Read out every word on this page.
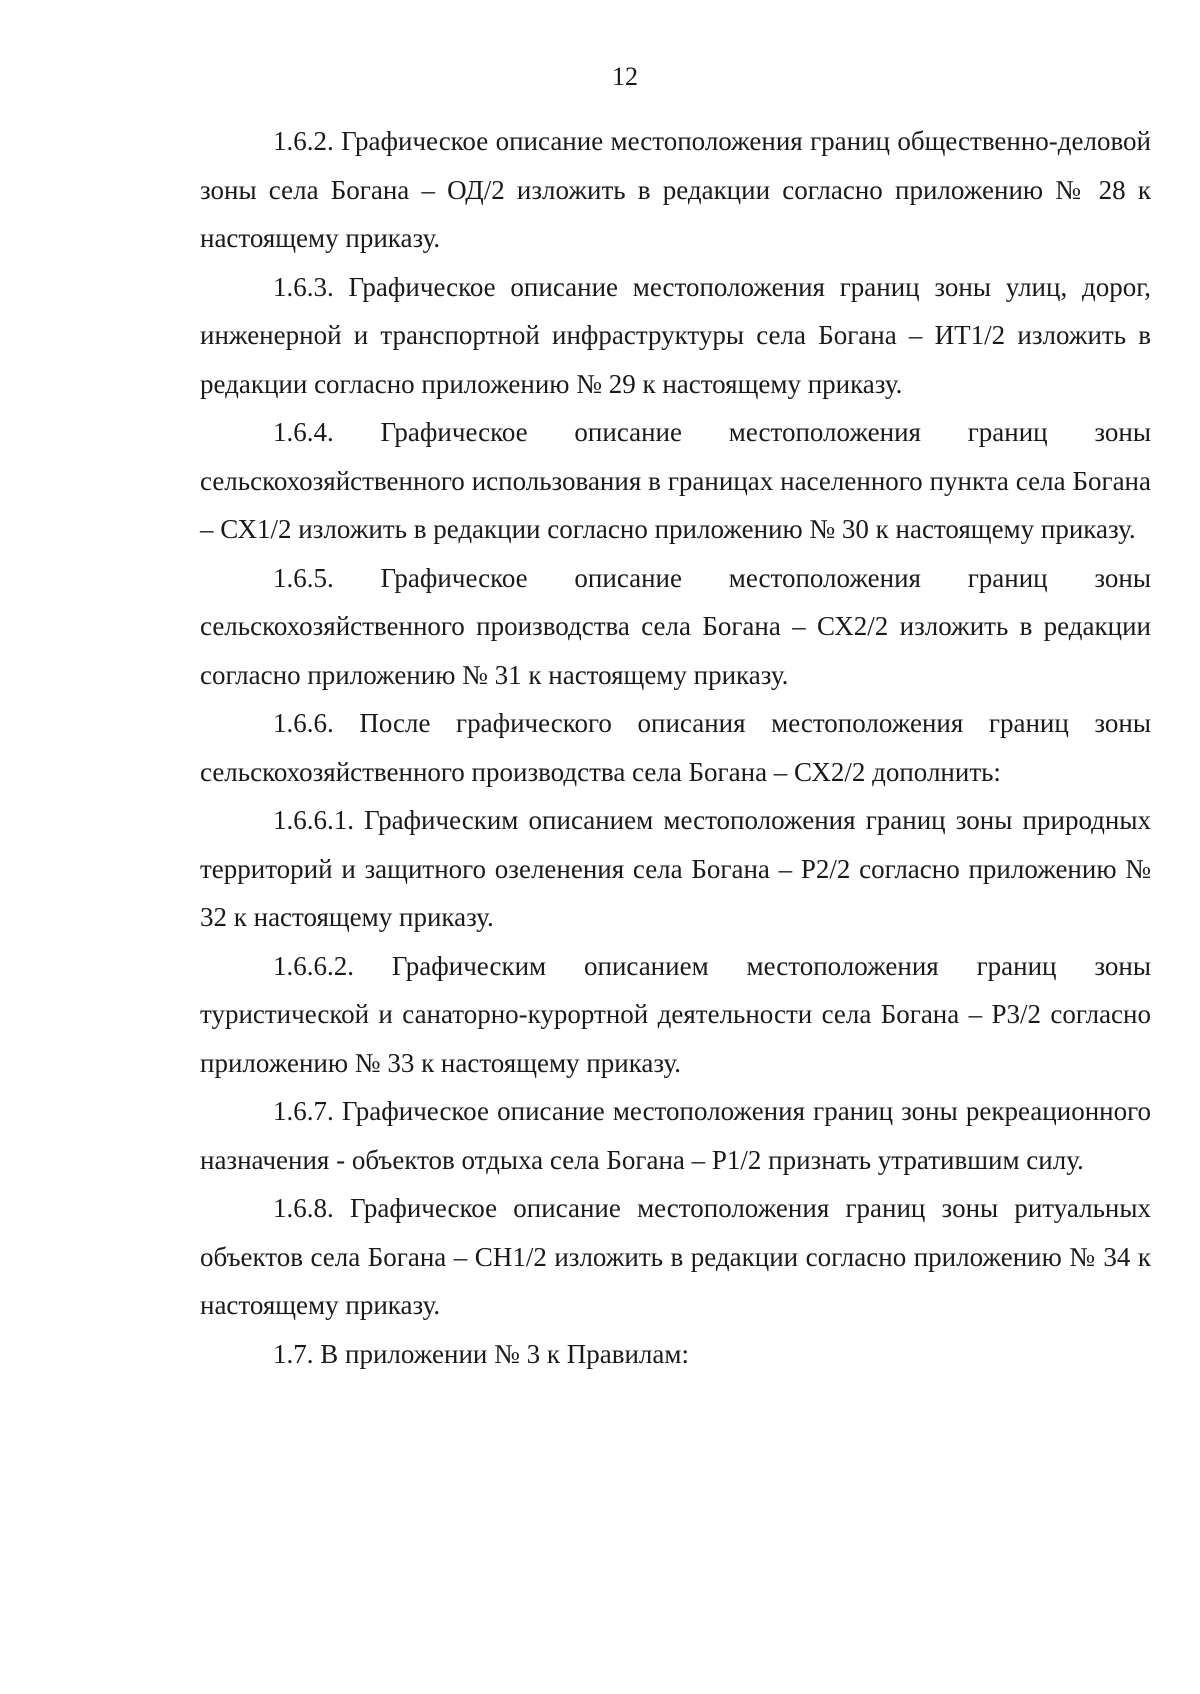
12

1.6.2. Графическое описание местоположения границ общественно-деловой зоны села Богана – ОД/2 изложить в редакции согласно приложению № 28 к настоящему приказу.

1.6.3. Графическое описание местоположения границ зоны улиц, дорог, инженерной и транспортной инфраструктуры села Богана – ИТ1/2 изложить в редакции согласно приложению № 29 к настоящему приказу.

1.6.4. Графическое описание местоположения границ зоны сельскохозяйственного использования в границах населенного пункта села Богана – СХ1/2 изложить в редакции согласно приложению № 30 к настоящему приказу.

1.6.5. Графическое описание местоположения границ зоны сельскохозяйственного производства села Богана – СХ2/2 изложить в редакции согласно приложению № 31 к настоящему приказу.

1.6.6. После графического описания местоположения границ зоны сельскохозяйственного производства села Богана – СХ2/2 дополнить:

1.6.6.1. Графическим описанием местоположения границ зоны природных территорий и защитного озеленения села Богана – Р2/2 согласно приложению № 32 к настоящему приказу.

1.6.6.2. Графическим описанием местоположения границ зоны туристической и санаторно-курортной деятельности села Богана – Р3/2 согласно приложению № 33 к настоящему приказу.

1.6.7. Графическое описание местоположения границ зоны рекреационного назначения - объектов отдыха села Богана – Р1/2 признать утратившим силу.

1.6.8. Графическое описание местоположения границ зоны ритуальных объектов села Богана – СН1/2 изложить в редакции согласно приложению № 34 к настоящему приказу.

1.7. В приложении № 3 к Правилам:
